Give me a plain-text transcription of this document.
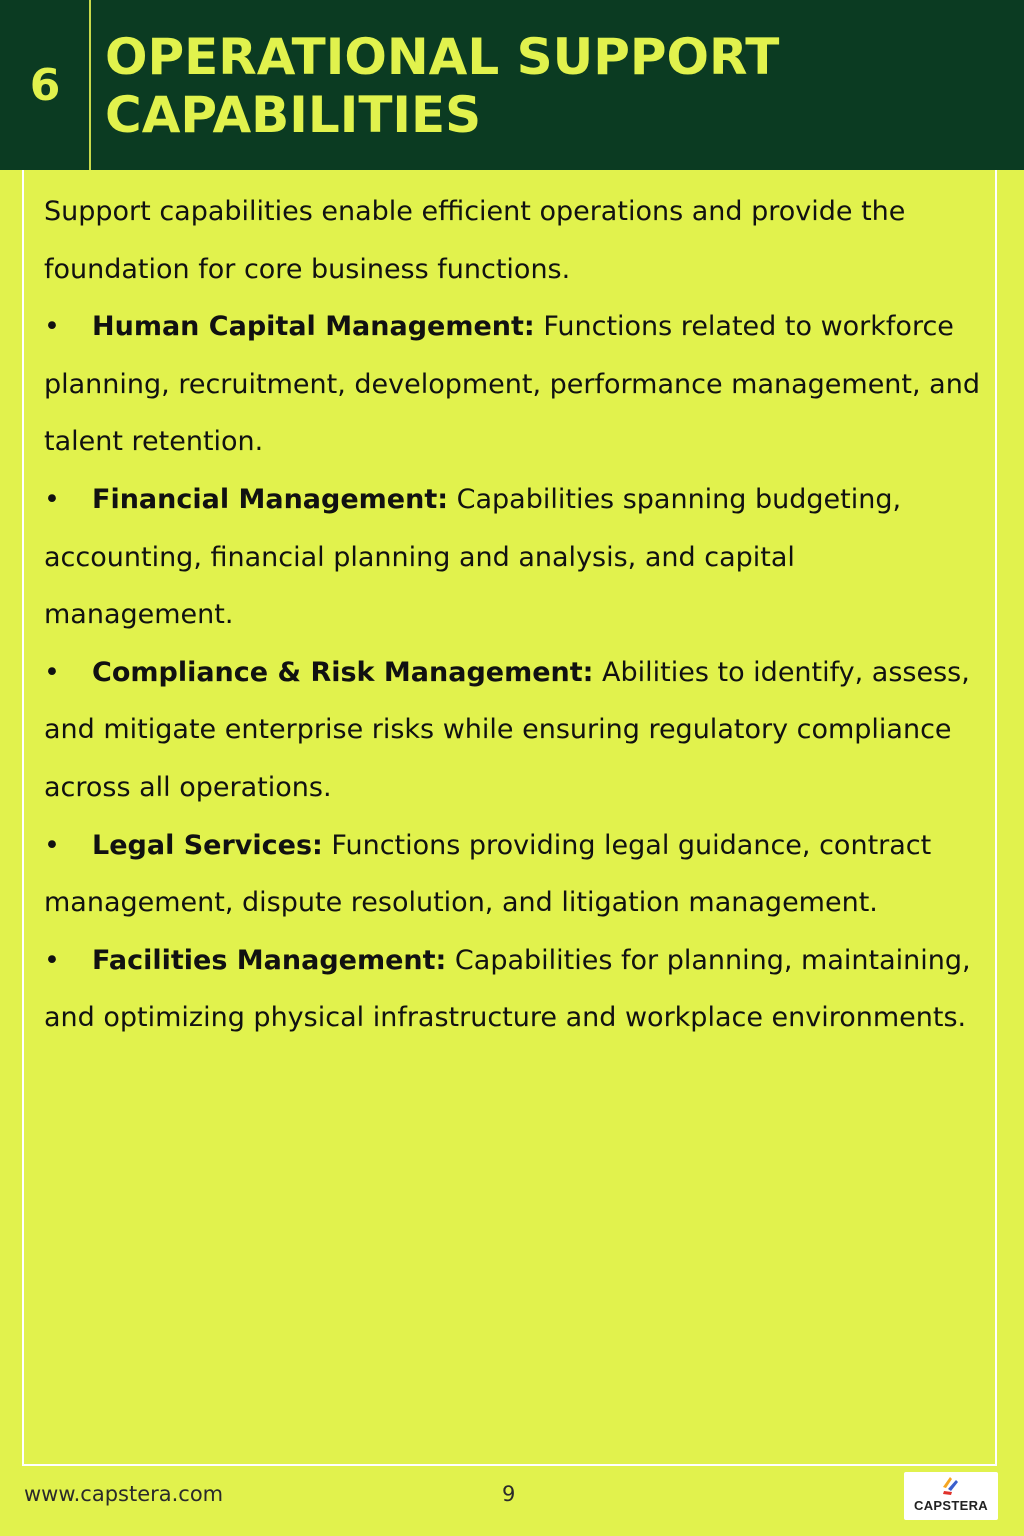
6 OPERATIONAL SUPPORT
CAPABILITIES

Support capabilities enable efficient operations and provide the foundation for core business functions.

• Human Capital Management: Functions related to workforce planning, recruitment, development, performance management, and talent retention.

• Financial Management: Capabilities spanning budgeting, accounting, financial planning and analysis, and capital management.

• Compliance & Risk Management: Abilities to identify, assess, and mitigate enterprise risks while ensuring regulatory compliance across all operations.

• Legal Services: Functions providing legal guidance, contract management, dispute resolution, and litigation management.

• Facilities Management: Capabilities for planning, maintaining, and optimizing physical infrastructure and workplace environments.

www.capstera.com	9	CAPSTERA
